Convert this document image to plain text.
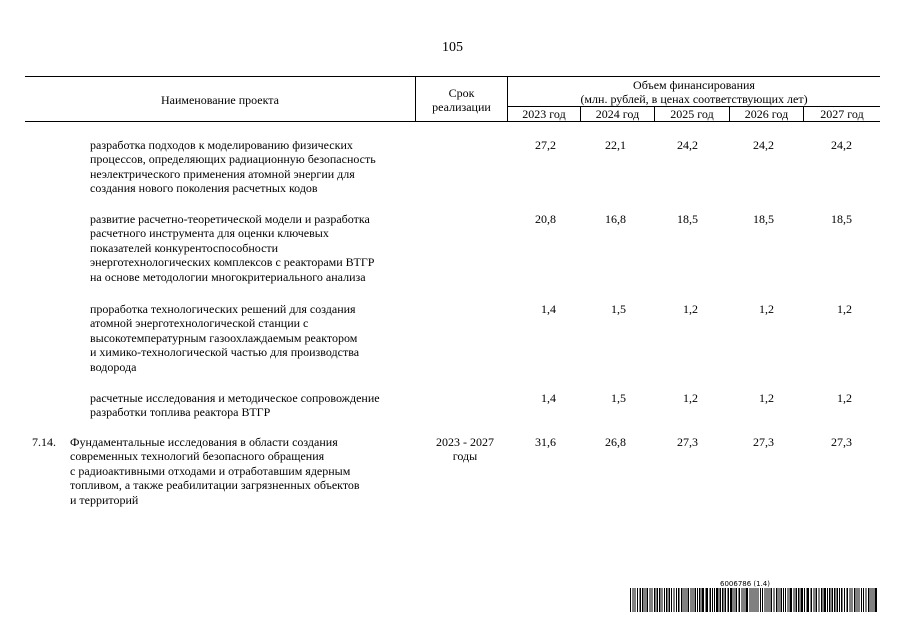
105
Наименование проекта	Срок
реализации
Объем финансирования
(млн. рублей, в ценах соответствующих лет)
2023 год	2024 год	2025 год	2026 год	2027 год
разработка подходов к моделированию физических
процессов, определяющих радиационную безопасность
неэлектрического применения атомной энергии для
создания нового поколения расчетных кодов
27,2	22,1	24,2	24,2	24,2
развитие расчетно-теоретической модели и разработка
расчетного инструмента для оценки ключевых
показателей конкурентоспособности
энерготехнологических комплексов с реакторами ВТГР
на основе методологии многокритериального анализа
20,8	16,8	18,5	18,5	18,5
проработка технологических решений для создания
атомной энерготехнологической станции с
высокотемпературным газоохлаждаемым реактором
и химико-технологической частью для производства
водорода
1,4	1,5	1,2	1,2	1,2
расчетные исследования и методическое сопровождение
разработки топлива реактора ВТГР
1,4	1,5	1,2	1,2	1,2
7.14. Фундаментальные исследования в области создания
современных технологий безопасного обращения
с радиоактивными отходами и отработавшим ядерным
топливом, а также реабилитации загрязненных объектов
и территорий
2023 - 2027
годы
31,6	26,8	27,3	27,3	27,3
6006786 (1.4)
